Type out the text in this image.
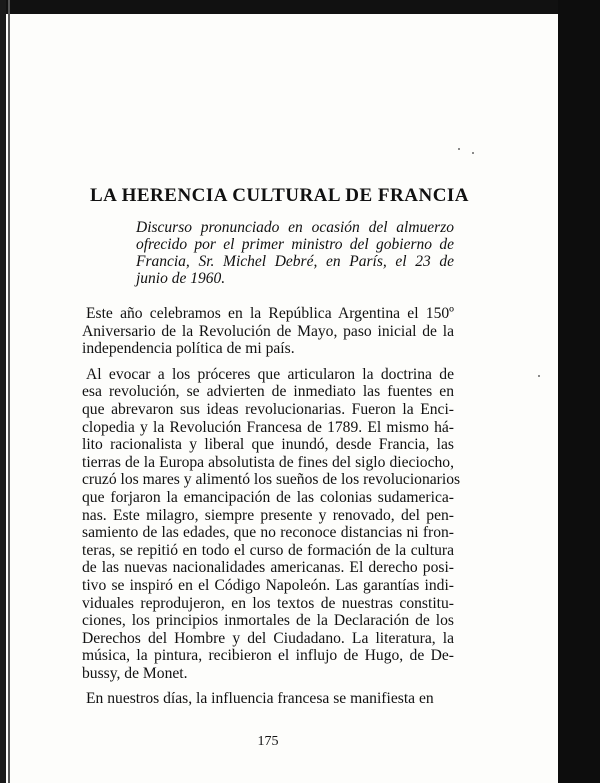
LA HERENCIA CULTURAL DE FRANCIA
Discurso pronunciado en ocasión del almuerzo
ofrecido por el primer ministro del gobierno de
Francia, Sr. Michel Debré, en París, el 23 de
junio de 1960.

Este año celebramos en la República Argentina el 150º
Aniversario de la Revolución de Mayo, paso inicial de la
independencia política de mi país.

Al evocar a los próceres que articularon la doctrina de
esa revolución, se advierten de inmediato las fuentes en
que abrevaron sus ideas revolucionarias. Fueron la Enci-
clopedia y la Revolución Francesa de 1789. El mismo há-
lito racionalista y liberal que inundó, desde Francia, las
tierras de la Europa absolutista de fines del siglo dieciocho,
cruzó los mares y alimentó los sueños de los revolucionarios
que forjaron la emancipación de las colonias sudamerica-
nas. Este milagro, siempre presente y renovado, del pen-
samiento de las edades, que no reconoce distancias ni fron-
teras, se repitió en todo el curso de formación de la cultura
de las nuevas nacionalidades americanas. El derecho posi-
tivo se inspiró en el Código Napoleón. Las garantías indi-
viduales reprodujeron, en los textos de nuestras constitu-
ciones, los principios inmortales de la Declaración de los
Derechos del Hombre y del Ciudadano. La literatura, la
música, la pintura, recibieron el influjo de Hugo, de De-
bussy, de Monet.

En nuestros días, la influencia francesa se manifiesta en

175
